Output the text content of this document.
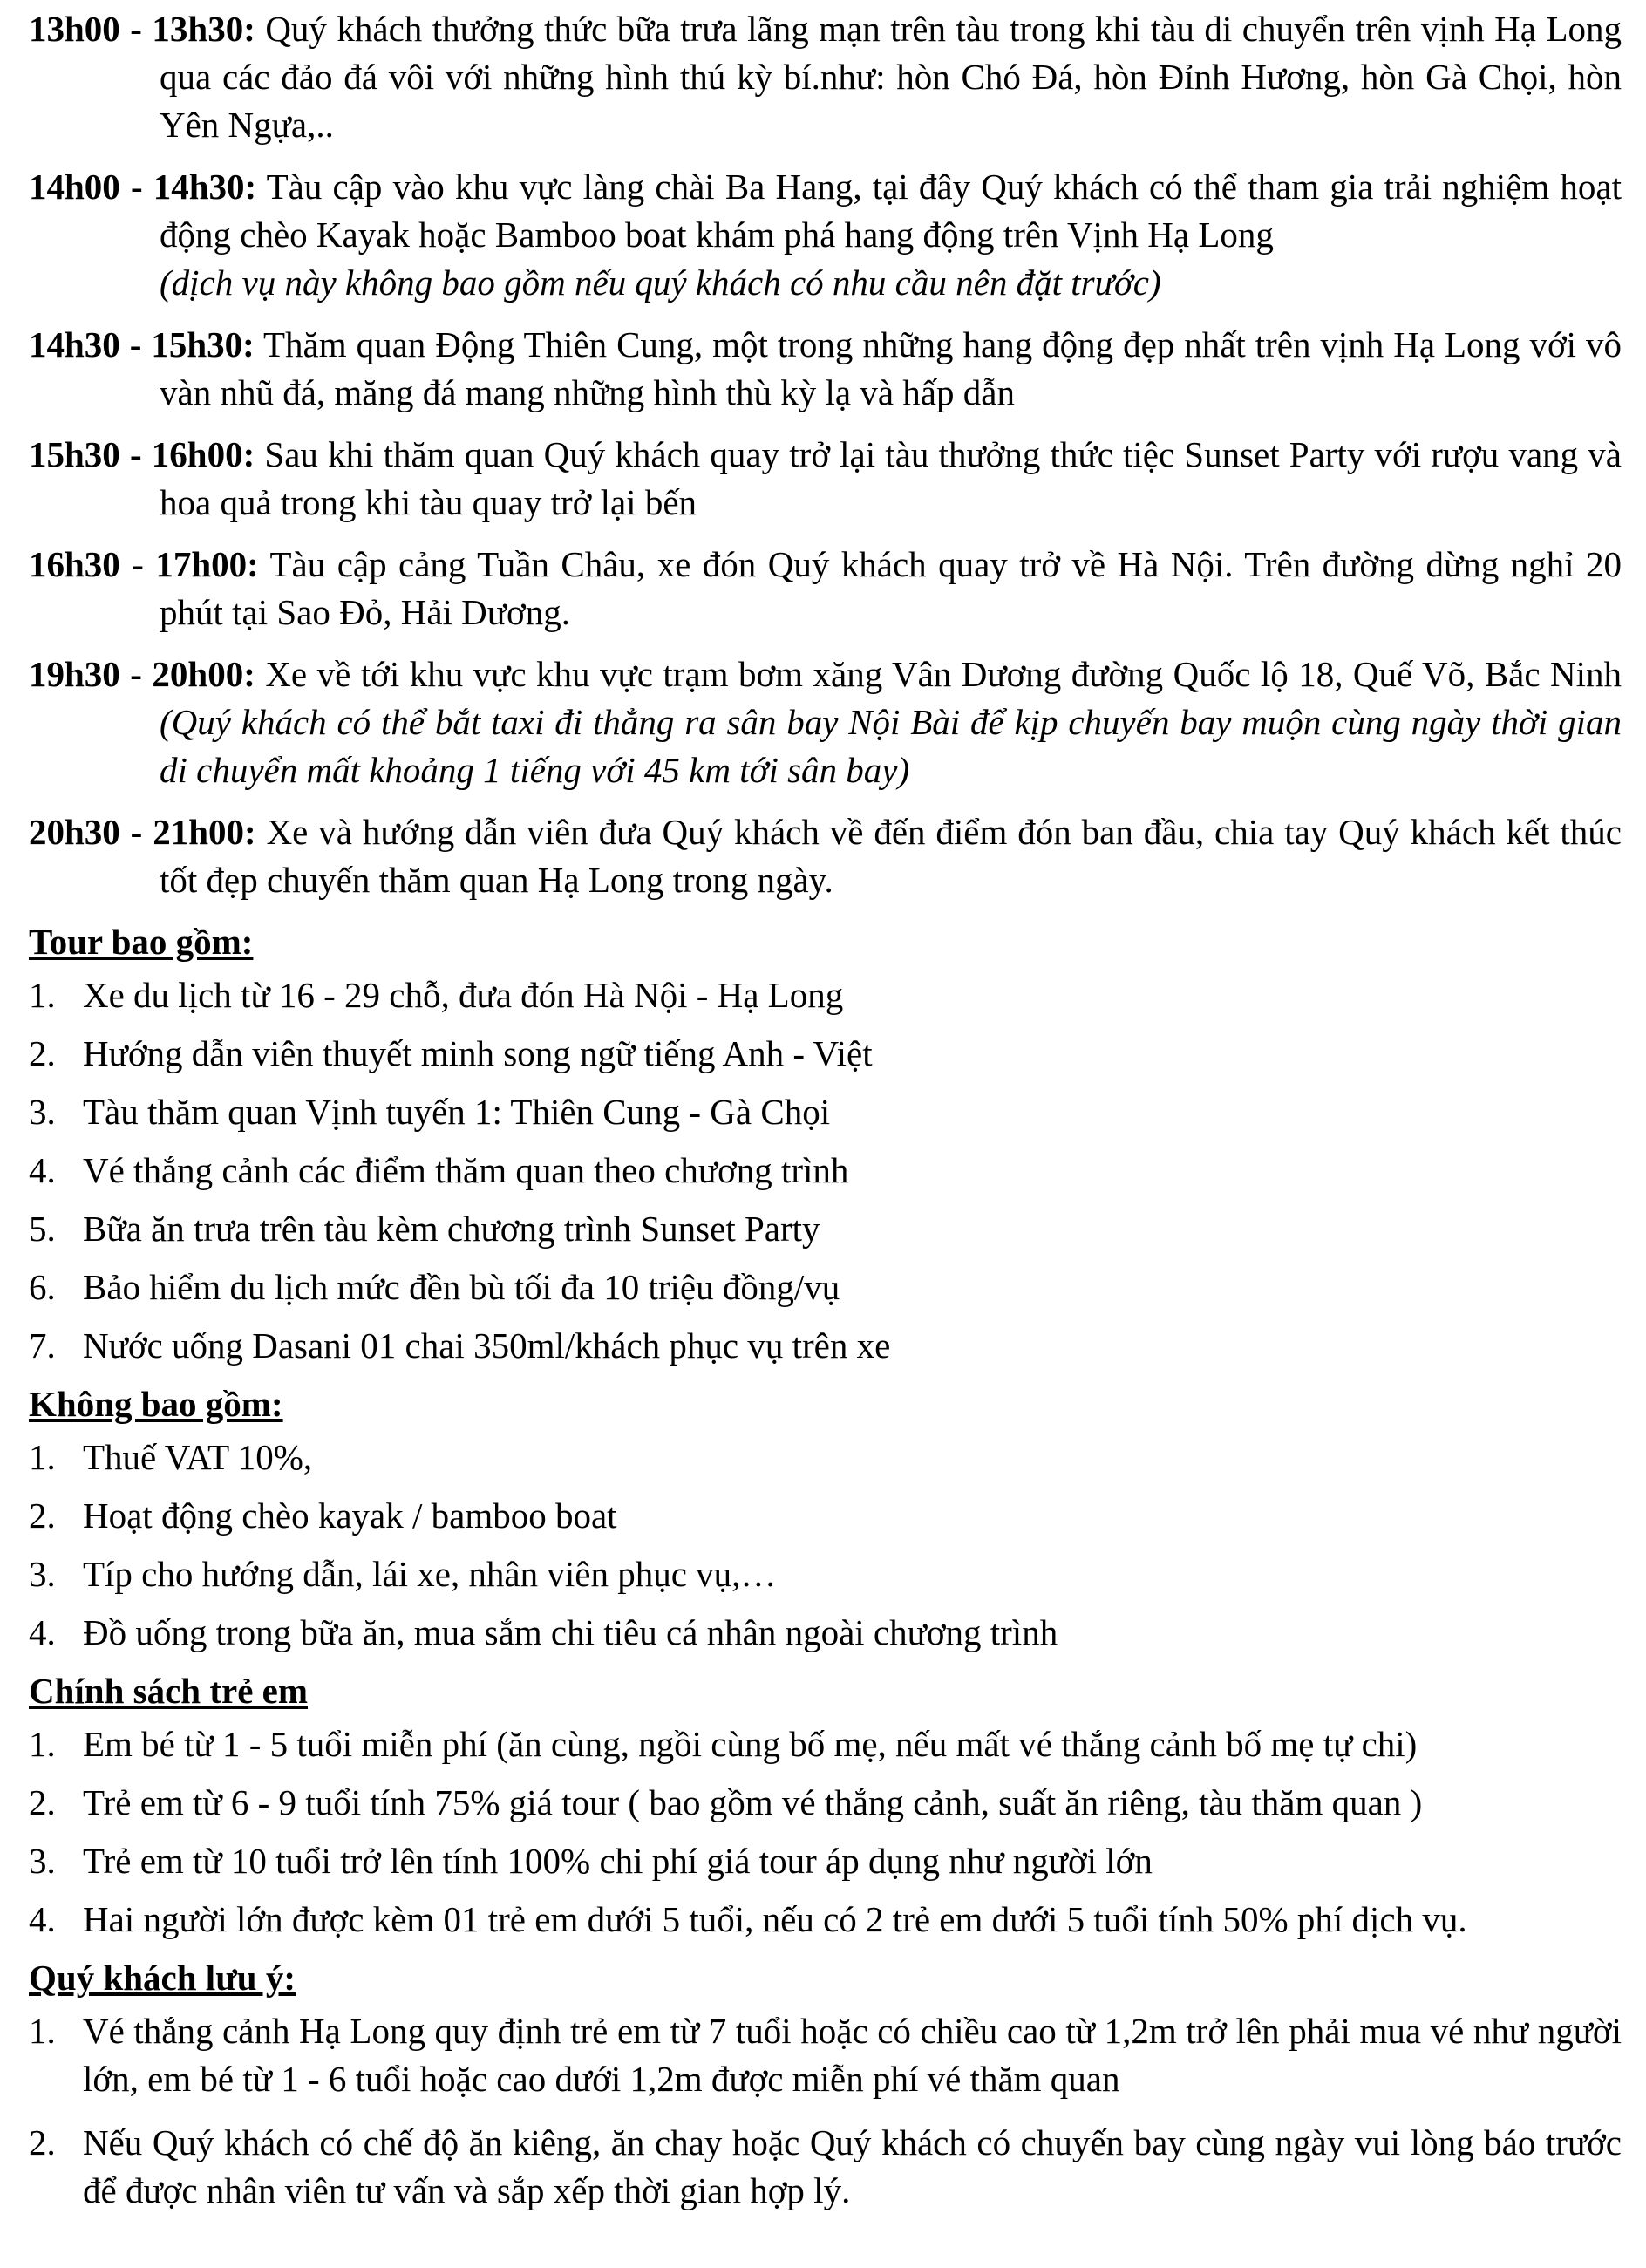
13h00 - 13h30: Quý khách thưởng thức bữa trưa lãng mạn trên tàu trong khi tàu di chuyển trên vịnh Hạ Long qua các đảo đá vôi với những hình thú kỳ bí.như: hòn Chó Đá, hòn Đỉnh Hương, hòn Gà Chọi, hòn Yên Ngựa,..
14h00 - 14h30: Tàu cập vào khu vực làng chài Ba Hang, tại đây Quý khách có thể tham gia trải nghiệm hoạt động chèo Kayak hoặc Bamboo boat khám phá hang động trên Vịnh Hạ Long
(dịch vụ này không bao gồm nếu quý khách có nhu cầu nên đặt trước)
14h30 - 15h30: Thăm quan Động Thiên Cung, một trong những hang động đẹp nhất trên vịnh Hạ Long với vô vàn nhũ đá, măng đá mang những hình thù kỳ lạ và hấp dẫn
15h30 - 16h00: Sau khi thăm quan Quý khách quay trở lại tàu thưởng thức tiệc Sunset Party với rượu vang và hoa quả trong khi tàu quay trở lại bến
16h30 - 17h00: Tàu cập cảng Tuần Châu, xe đón Quý khách quay trở về Hà Nội. Trên đường dừng nghỉ 20 phút tại Sao Đỏ, Hải Dương.
19h30 - 20h00: Xe về tới khu vực khu vực trạm bơm xăng Vân Dương đường Quốc lộ 18, Quế Võ, Bắc Ninh (Quý khách có thể bắt taxi đi thẳng ra sân bay Nội Bài để kịp chuyến bay muộn cùng ngày thời gian di chuyển mất khoảng 1 tiếng với 45 km tới sân bay)
20h30 - 21h00: Xe và hướng dẫn viên đưa Quý khách về đến điểm đón ban đầu, chia tay Quý khách kết thúc tốt đẹp chuyến thăm quan Hạ Long trong ngày.
Tour bao gồm:
1. Xe du lịch từ 16 - 29 chỗ, đưa đón Hà Nội - Hạ Long
2. Hướng dẫn viên thuyết minh song ngữ tiếng Anh - Việt
3. Tàu thăm quan Vịnh tuyến 1: Thiên Cung - Gà Chọi
4. Vé thắng cảnh các điểm thăm quan theo chương trình
5. Bữa ăn trưa trên tàu kèm chương trình Sunset Party
6. Bảo hiểm du lịch mức đền bù tối đa 10 triệu đồng/vụ
7. Nước uống Dasani 01 chai 350ml/khách phục vụ trên xe
Không bao gồm:
1. Thuế VAT 10%,
2. Hoạt động chèo kayak / bamboo boat
3. Típ cho hướng dẫn, lái xe, nhân viên phục vụ,…
4. Đồ uống trong bữa ăn, mua sắm chi tiêu cá nhân ngoài chương trình
Chính sách trẻ em
1. Em bé từ 1 - 5 tuổi miễn phí (ăn cùng, ngồi cùng bố mẹ, nếu mất vé thắng cảnh bố mẹ tự chi)
2. Trẻ em từ 6 - 9 tuổi tính 75% giá tour ( bao gồm vé thắng cảnh, suất ăn riêng, tàu thăm quan )
3. Trẻ em từ 10 tuổi trở lên tính 100% chi phí giá tour áp dụng như người lớn
4. Hai người lớn được kèm 01 trẻ em dưới 5 tuổi, nếu có 2 trẻ em dưới 5 tuổi tính 50% phí dịch vụ.
Quý khách lưu ý:
1. Vé thắng cảnh Hạ Long quy định trẻ em từ 7 tuổi hoặc có chiều cao từ 1,2m trở lên phải mua vé như người lớn, em bé từ 1 - 6 tuổi hoặc cao dưới 1,2m được miễn phí vé thăm quan
2. Nếu Quý khách có chế độ ăn kiêng, ăn chay hoặc Quý khách có chuyến bay cùng ngày vui lòng báo trước để được nhân viên tư vấn và sắp xếp thời gian hợp lý.
